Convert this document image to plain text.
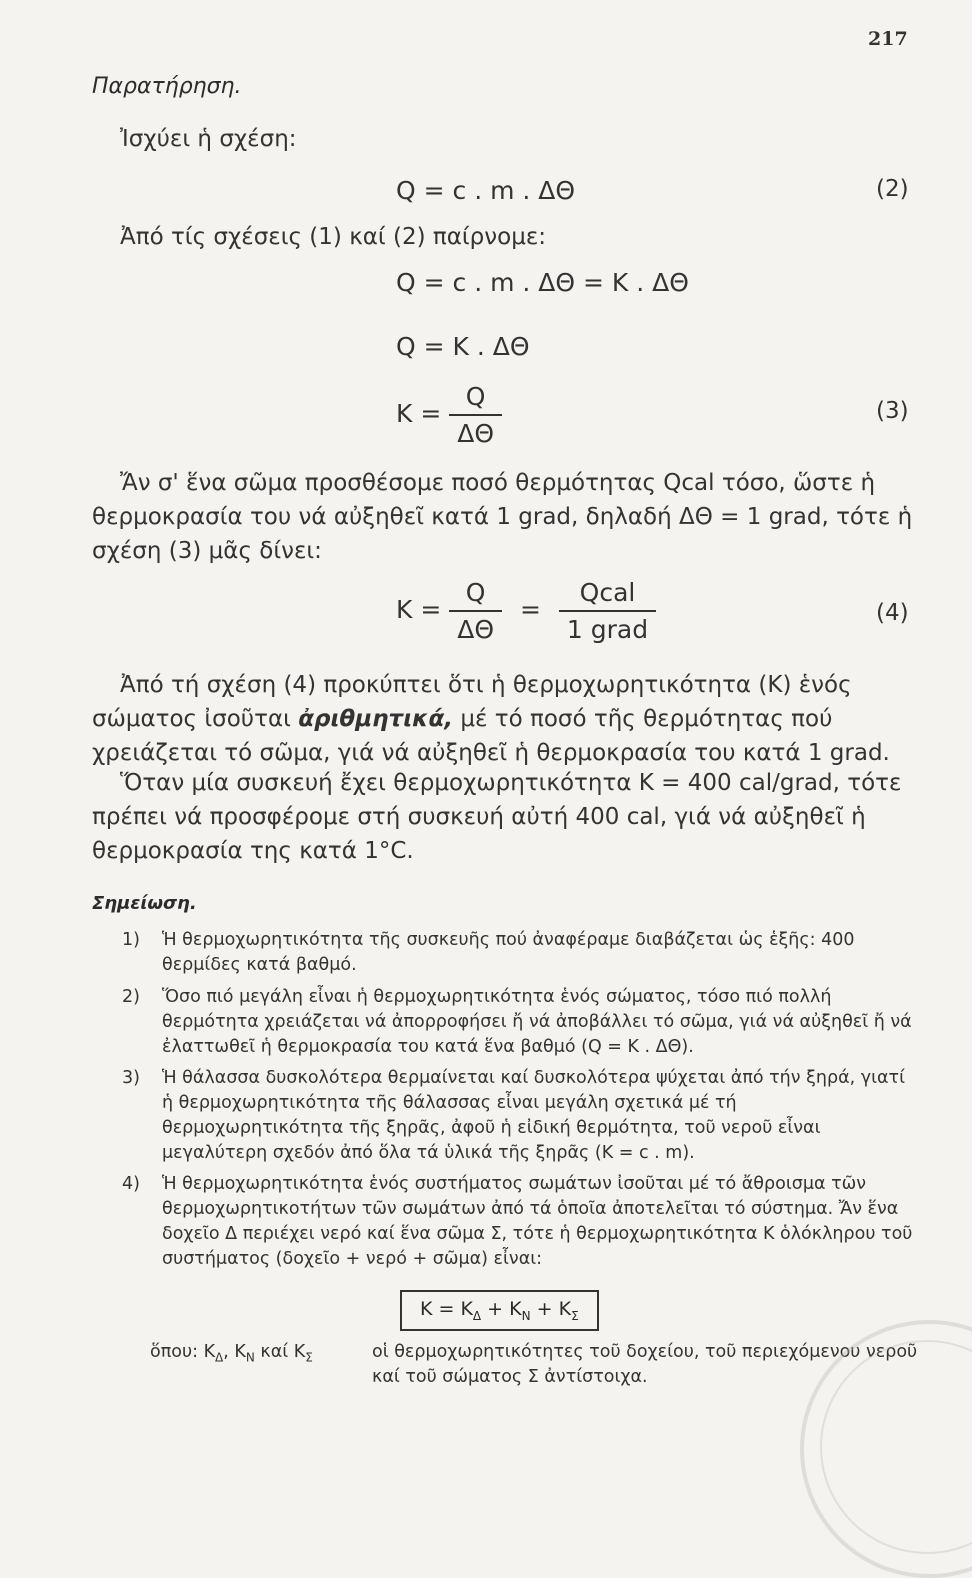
217
Παρατήρηση.
Ἰσχύει ἡ σχέση:
Q = c . m . ΔΘ	(2)
Ἀπό τίς σχέσεις (1) καί (2) παίρνομε:
Q = c . m . ΔΘ = K . ΔΘ
Q = K . ΔΘ
$K = \frac{Q}{\Delta\Theta}$	(3)
Ἄν σ' ἕνα σῶμα προσθέσομε ποσό θερμότητας Qcal τόσο, ὥστε ἡ θερμοκρασία του νά αὐξηθεῖ κατά 1 grad, δηλαδή ΔΘ = 1 grad, τότε ἡ σχέση (3) μᾶς δίνει:
$K = \frac{Q}{\Delta\Theta} = \frac{\text{Qcal}}{\text{1 grad}}$	(4)
Ἀπό τή σχέση (4) προκύπτει ὅτι ἡ θερμοχωρητικότητα (K) ἑνός σώματος ἰσοῦται ἀριθμητικά, μέ τό ποσό τῆς θερμότητας πού χρειάζεται τό σῶμα, γιά νά αὐξηθεῖ ἡ θερμοκρασία του κατά 1 grad.
Ὅταν μία συσκευή ἔχει θερμοχωρητικότητα K = 400 cal/grad, τότε πρέπει νά προσφέρομε στή συσκευή αὐτή 400 cal, γιά νά αὐξηθεῖ ἡ θερμοκρασία της κατά 1°C.
Σημείωση.
1) Ἡ θερμοχωρητικότητα τῆς συσκευῆς πού ἀναφέραμε διαβάζεται ὡς ἑξῆς: 400 θερμίδες κατά βαθμό.
2) Ὅσο πιό μεγάλη εἶναι ἡ θερμοχωρητικότητα ἑνός σώματος, τόσο πιό πολλή θερμότητα χρειάζεται νά ἀπορροφήσει ἤ νά ἀποβάλλει τό σῶμα, γιά νά αὐξηθεῖ ἤ νά ἐλαττωθεῖ ἡ θερμοκρασία του κατά ἕνα βαθμό (Q = K . ΔΘ).
3) Ἡ θάλασσα δυσκολότερα θερμαίνεται καί δυσκολότερα ψύχεται ἀπό τήν ξηρά, γιατί ἡ θερμοχωρητικότητα τῆς θάλασσας εἶναι μεγάλη σχετικά μέ τή θερμοχωρητικότητα τῆς ξηρᾶς, ἀφοῦ ἡ εἰδική θερμότητα, τοῦ νεροῦ εἶναι μεγαλύτερη σχεδόν ἀπό ὅλα τά ὑλικά τῆς ξηρᾶς (K = c . m).
4) Ἡ θερμοχωρητικότητα ἑνός συστήματος σωμάτων ἰσοῦται μέ τό ἄθροισμα τῶν θερμοχωρητικοτήτων τῶν σωμάτων ἀπό τά ὁποῖα ἀποτελεῖται τό σύστημα. Ἄν ἕνα δοχεῖο Δ περιέχει νερό καί ἕνα σῶμα Σ, τότε ἡ θερμοχωρητικότητα K ὁλόκληρου τοῦ συστήματος (δοχεῖο + νερό + σῶμα) εἶναι:
$K = K_\Delta + K_N + K_\Sigma$
ὅπου: $K_\Delta$, $K_N$ καί $K_\Sigma$	οἱ θερμοχωρητικότητες τοῦ δοχείου, τοῦ περιεχόμενου νεροῦ καί τοῦ σώματος Σ ἀντίστοιχα.
